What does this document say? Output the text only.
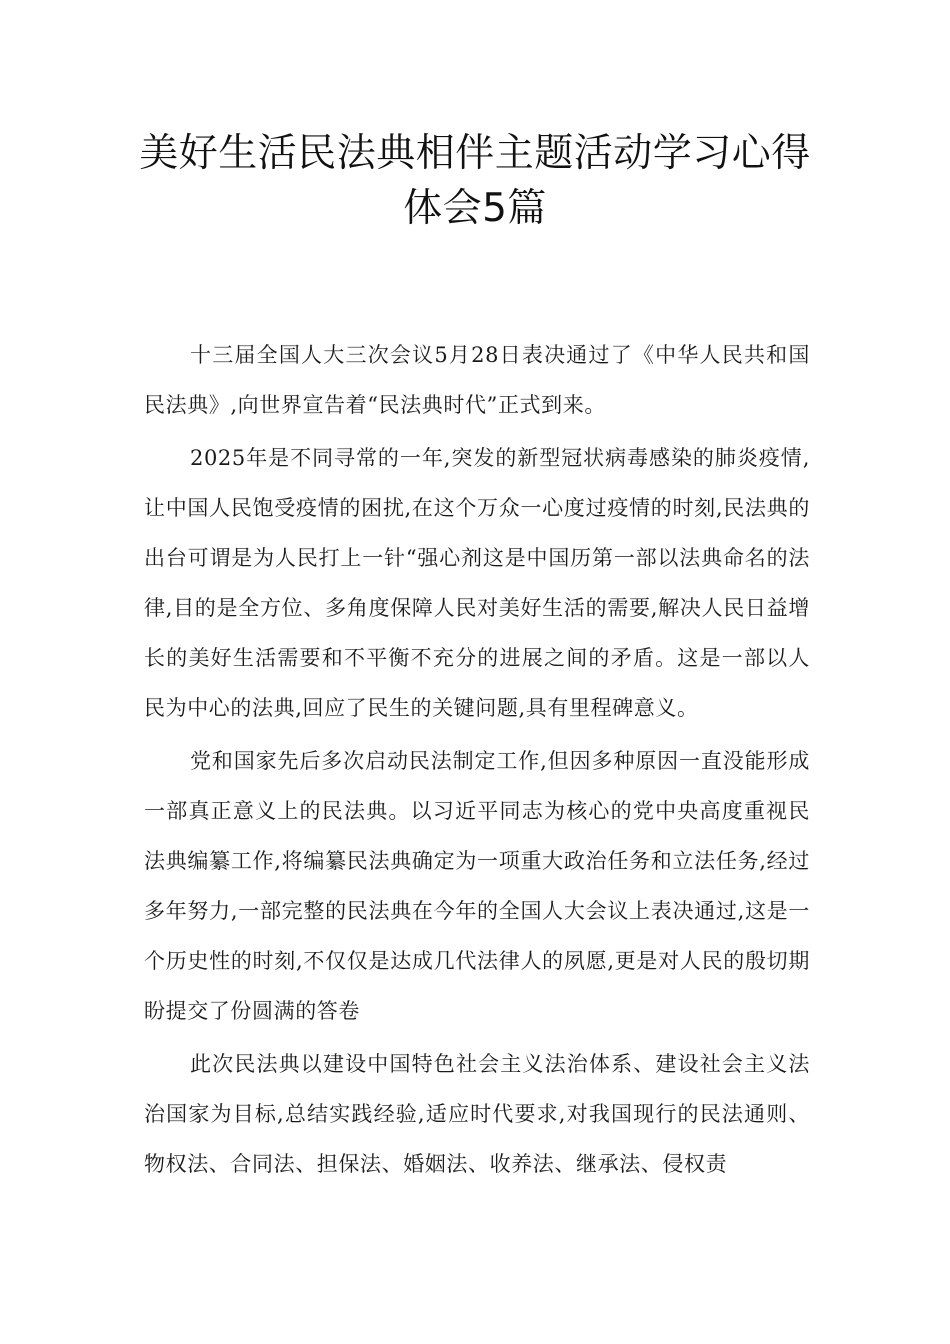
美好生活民法典相伴主题活动学习心得
体会5篇

十三届全国人大三次会议5月28日表决通过了《中华人民共和国民法典》,向世界宣告着“民法典时代”正式到来。

2025年是不同寻常的一年,突发的新型冠状病毒感染的肺炎疫情,让中国人民饱受疫情的困扰,在这个万众一心度过疫情的时刻,民法典的出台可谓是为人民打上一针“强心剂这是中国历第一部以法典命名的法律,目的是全方位、多角度保障人民对美好生活的需要,解决人民日益增长的美好生活需要和不平衡不充分的进展之间的矛盾。这是一部以人民为中心的法典,回应了民生的关键问题,具有里程碑意义。

党和国家先后多次启动民法制定工作,但因多种原因一直没能形成一部真正意义上的民法典。以习近平同志为核心的党中央高度重视民法典编纂工作,将编纂民法典确定为一项重大政治任务和立法任务,经过多年努力,一部完整的民法典在今年的全国人大会议上表决通过,这是一个历史性的时刻,不仅仅是达成几代法律人的夙愿,更是对人民的殷切期盼提交了份圆满的答卷

此次民法典以建设中国特色社会主义法治体系、建设社会主义法治国家为目标,总结实践经验,适应时代要求,对我国现行的民法通则、物权法、合同法、担保法、婚姻法、收养法、继承法、侵权责
